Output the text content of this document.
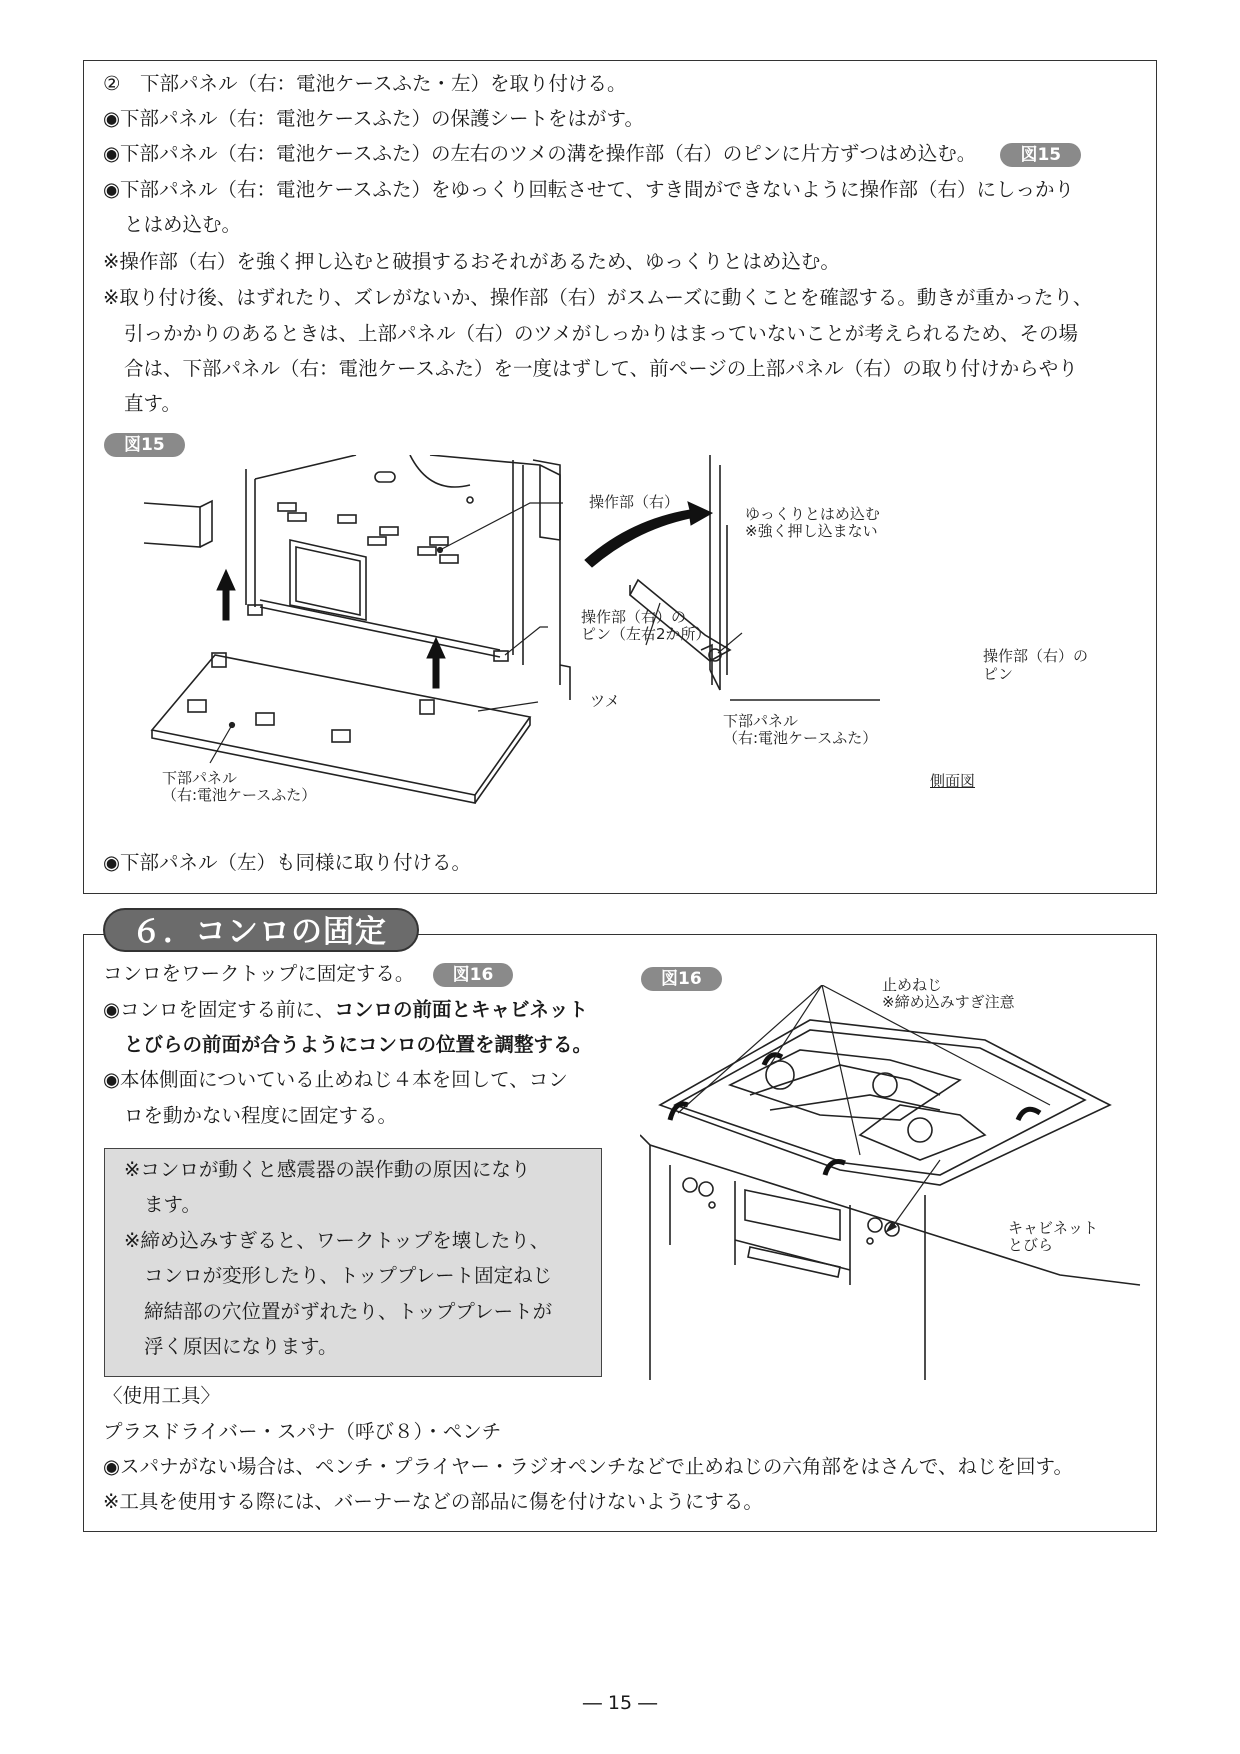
②　下部パネル（右：電池ケースふた・左）を取り付ける。
◉下部パネル（右：電池ケースふた）の保護シートをはがす。
◉下部パネル（右：電池ケースふた）の左右のツメの溝を操作部（右）のピンに片方ずつはめ込む。	図15
◉下部パネル（右：電池ケースふた）をゆっくり回転させて、すき間ができないように操作部（右）にしっかり
とはめ込む。
※操作部（右）を強く押し込むと破損するおそれがあるため、ゆっくりとはめ込む。
※取り付け後、はずれたり、ズレがないか、操作部（右）がスムーズに動くことを確認する。動きが重かったり、
引っかかりのあるときは、上部パネル（右）のツメがしっかりはまっていないことが考えられるため、その場
合は、下部パネル（右：電池ケースふた）を一度はずして、前ページの上部パネル（右）の取り付けからやり
直す。
図15
操作部（右）
操作部（右）の
ピン（左右2か所）
ツメ
下部パネル
（右:電池ケースふた）
ゆっくりとはめ込む
※強く押し込まない
操作部（右）の
ピン
下部パネル
（右:電池ケースふた）
側面図
◉下部パネル（左）も同様に取り付ける。
６．コンロの固定
コンロをワークトップに固定する。 図16
◉コンロを固定する前に、コンロの前面とキャビネット
とびらの前面が合うようにコンロの位置を調整する。
◉本体側面についている止めねじ４本を回して、コン
ロを動かない程度に固定する。
※コンロが動くと感震器の誤作動の原因になり
ます。
※締め込みすぎると、ワークトップを壊したり、
コンロが変形したり、トッププレート固定ねじ
締結部の穴位置がずれたり、トッププレートが
浮く原因になります。
図16	止めねじ
※締め込みすぎ注意
キャビネット
とびら
〈使用工具〉
プラスドライバー・スパナ（呼び８）・ペンチ
◉スパナがない場合は、ペンチ・プライヤー・ラジオペンチなどで止めねじの六角部をはさんで、ねじを回す。
※工具を使用する際には、バーナーなどの部品に傷を付けないようにする。
― 15 ―
